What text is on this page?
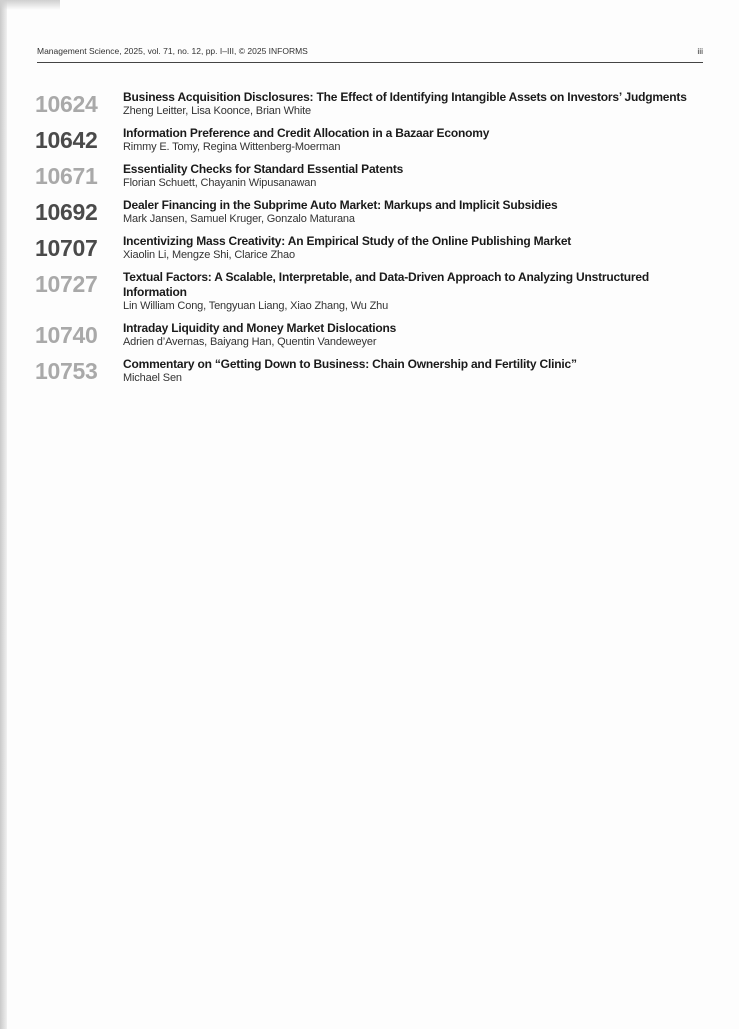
Management Science, 2025, vol. 71, no. 12, pp. I–III, © 2025 INFORMS	iii
10624	Business Acquisition Disclosures: The Effect of Identifying Intangible Assets on Investors’ Judgments
Zheng Leitter, Lisa Koonce, Brian White
10642	Information Preference and Credit Allocation in a Bazaar Economy
Rimmy E. Tomy, Regina Wittenberg-Moerman
10671	Essentiality Checks for Standard Essential Patents
Florian Schuett, Chayanin Wipusanawan
10692	Dealer Financing in the Subprime Auto Market: Markups and Implicit Subsidies
Mark Jansen, Samuel Kruger, Gonzalo Maturana
10707	Incentivizing Mass Creativity: An Empirical Study of the Online Publishing Market
Xiaolin Li, Mengze Shi, Clarice Zhao
10727	Textual Factors: A Scalable, Interpretable, and Data-Driven Approach to Analyzing Unstructured Information
Lin William Cong, Tengyuan Liang, Xiao Zhang, Wu Zhu
10740	Intraday Liquidity and Money Market Dislocations
Adrien d’Avernas, Baiyang Han, Quentin Vandeweyer
10753	Commentary on “Getting Down to Business: Chain Ownership and Fertility Clinic”
Michael Sen
